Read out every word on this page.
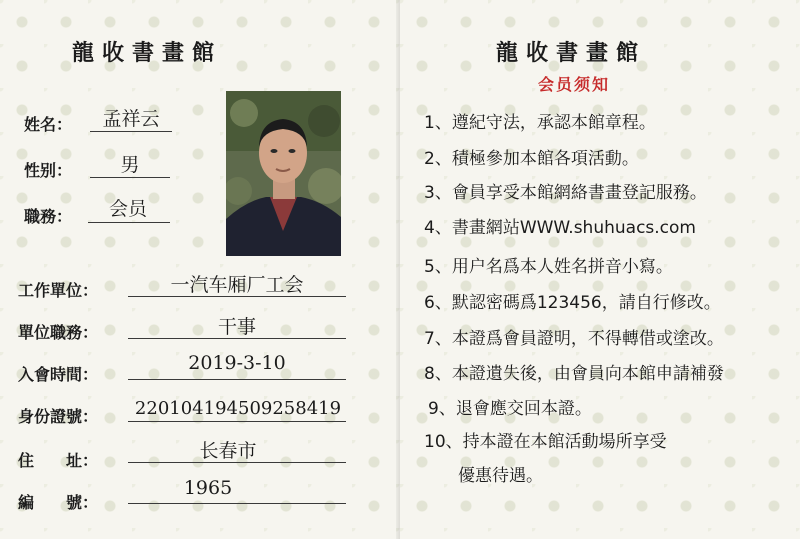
龍收書畫館
姓名：	孟祥云
性别：	男
職務：	会员
工作單位：	一汽车厢厂工会
單位職務：	干事
入會時間：
2019-3-10
身份證號：	220104194509258419
住　　址：	长春市
編　　號：
1965
龍收書畫館
会员须知
1、遵紀守法，承認本館章程。
2、積極參加本館各項活動。
3、會員享受本館網絡書畫登記服務。
4、書畫網站WWW.shuhuacs.com
5、用户名爲本人姓名拼音小寫。
6、默認密碼爲123456，請自行修改。
7、本證爲會員證明，不得轉借或塗改。
8、本證遺失後，由會員向本館申請補發
9、退會應交回本證。
10、持本證在本館活動場所享受
優惠待遇。
